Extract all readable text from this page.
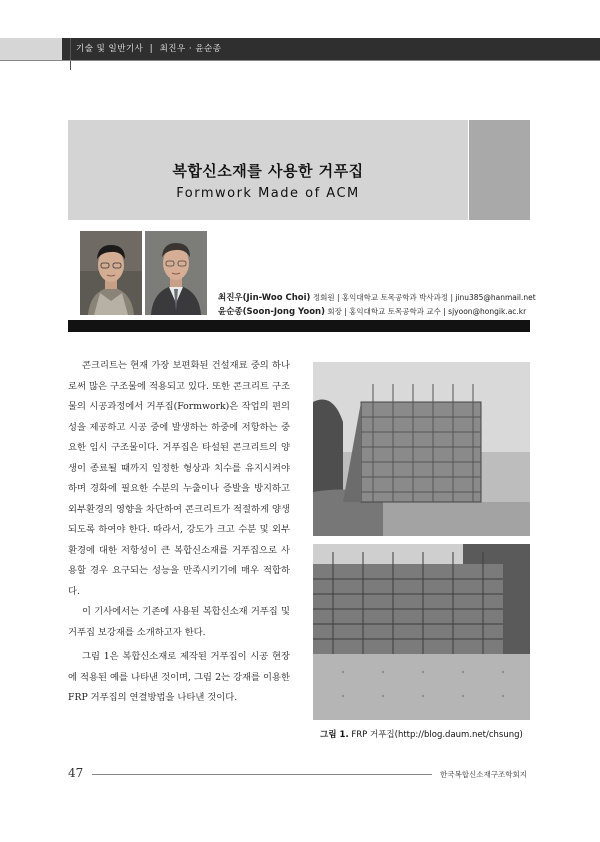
기술 및 일반기사 | 최진우 · 윤순종
복합신소재를 사용한 거푸집
Formwork Made of ACM
최진우(Jin-Woo Choi) 정회원 | 홍익대학교 토목공학과 박사과정 | jinu385@hanmail.net
윤순종(Soon-Jong Yoon) 회장 | 홍익대학교 토목공학과 교수 | sjyoon@hongik.ac.kr

콘크리트는 현재 가장 보편화된 건설재료 중의 하나로써 많은 구조물에 적용되고 있다. 또한 콘크리트 구조물의 시공과정에서 거푸집(Formwork)은 작업의 편의성을 제공하고 시공 중에 발생하는 하중에 저항하는 중요한 임시 구조물이다. 거푸집은 타설된 콘크리트의 양생이 종료될 때까지 일정한 형상과 치수를 유지시켜야 하며 경화에 필요한 수분의 누출이나 증발을 방지하고 외부환경의 영향을 차단하여 콘크리트가 적절하게 양생되도록 하여야 한다. 따라서, 강도가 크고 수분 및 외부 환경에 대한 저항성이 큰 복합신소재를 거푸집으로 사용할 경우 요구되는 성능을 만족시키기에 매우 적합하다.

이 기사에서는 기존에 사용된 복합신소재 거푸집 및 거푸집 보강재를 소개하고자 한다.

그림 1은 복합신소재로 제작된 거푸집이 시공 현장에 적용된 예를 나타낸 것이며, 그림 2는 강재를 이용한 FRP 거푸집의 연결방법을 나타낸 것이다.

그림 1. FRP 거푸집(http://blog.daum.net/chsung)
47	한국복합신소재구조학회지
